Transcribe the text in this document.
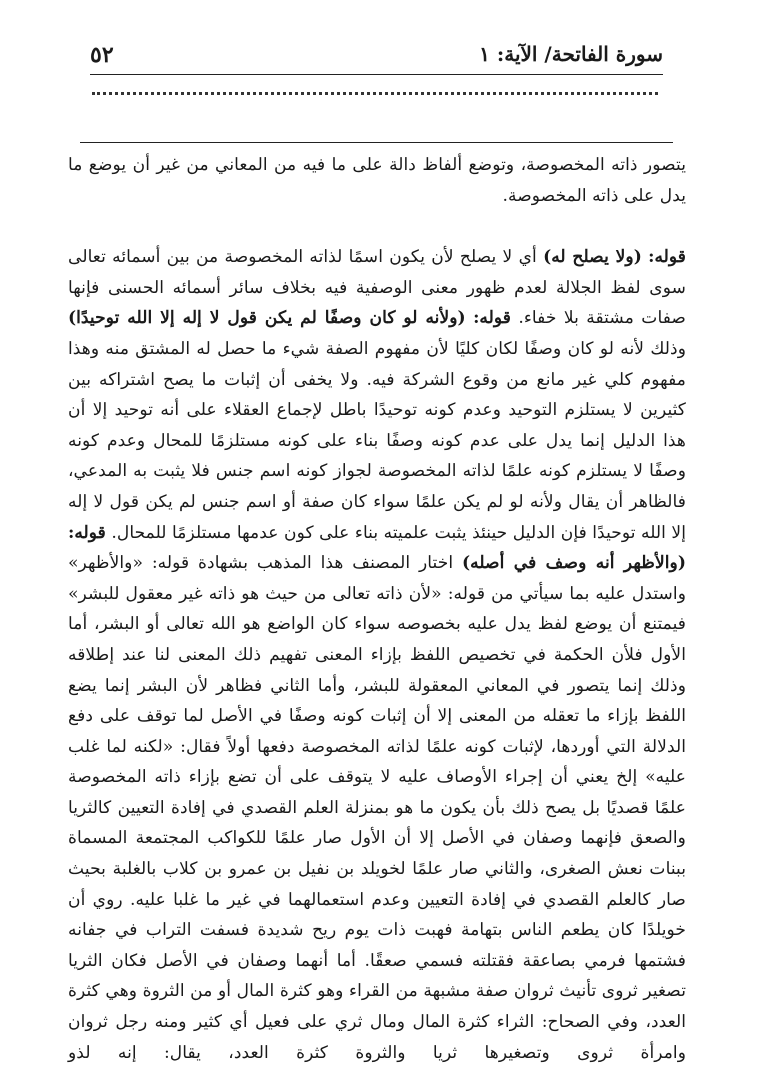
٥٢	سورة الفاتحة/ الآية: ١

يتصور ذاته المخصوصة، وتوضع ألفاظ دالة على ما فيه من المعاني من غير أن يوضع ما يدل على ذاته المخصوصة.

قوله: (ولا يصلح له) أي لا يصلح لأن يكون اسمًا لذاته المخصوصة من بين أسمائه تعالى سوى لفظ الجلالة لعدم ظهور معنى الوصفية فيه بخلاف سائر أسمائه الحسنى فإنها صفات مشتقة بلا خفاء. قوله: (ولأنه لو كان وصفًا لم يكن قول لا إله إلا الله توحيدًا) وذلك لأنه لو كان وصفًا لكان كليًا لأن مفهوم الصفة شيء ما حصل له المشتق منه وهذا مفهوم كلي غير مانع من وقوع الشركة فيه. ولا يخفى أن إثبات ما يصح اشتراكه بين كثيرين لا يستلزم التوحيد وعدم كونه توحيدًا باطل لإجماع العقلاء على أنه توحيد إلا أن هذا الدليل إنما يدل على عدم كونه وصفًا بناء على كونه مستلزمًا للمحال وعدم كونه وصفًا لا يستلزم كونه علمًا لذاته المخصوصة لجواز كونه اسم جنس فلا يثبت به المدعي، فالظاهر أن يقال ولأنه لو لم يكن علمًا سواء كان صفة أو اسم جنس لم يكن قول لا إله إلا الله توحيدًا فإن الدليل حينئذ يثبت علميته بناء على كون عدمها مستلزمًا للمحال. قوله: (والأظهر أنه وصف في أصله) اختار المصنف هذا المذهب بشهادة قوله: «والأظهر» واستدل عليه بما سيأتي من قوله: «لأن ذاته تعالى من حيث هو ذاته غير معقول للبشر» فيمتنع أن يوضع لفظ يدل عليه بخصوصه سواء كان الواضع هو الله تعالى أو البشر، أما الأول فلأن الحكمة في تخصيص اللفظ بإزاء المعنى تفهيم ذلك المعنى لنا عند إطلاقه وذلك إنما يتصور في المعاني المعقولة للبشر، وأما الثاني فظاهر لأن البشر إنما يضع اللفظ بإزاء ما تعقله من المعنى إلا أن إثبات كونه وصفًا في الأصل لما توقف على دفع الدلالة التي أوردها، لإثبات كونه علمًا لذاته المخصوصة دفعها أولاً فقال: «لكنه لما غلب عليه» إلخ يعني أن إجراء الأوصاف عليه لا يتوقف على أن تضع بإزاء ذاته المخصوصة علمًا قصديًا بل يصح ذلك بأن يكون ما هو بمنزلة العلم القصدي في إفادة التعيين كالثريا والصعق فإنهما وصفان في الأصل إلا أن الأول صار علمًا للكواكب المجتمعة المسماة ببنات نعش الصغرى، والثاني صار علمًا لخويلد بن نفيل بن عمرو بن كلاب بالغلبة بحيث صار كالعلم القصدي في إفادة التعيين وعدم استعمالهما في غير ما غلبا عليه. روي أن خويلدًا كان يطعم الناس بتهامة فهبت ذات يوم ريح شديدة فسفت التراب في جفانه فشتمها فرمي بصاعقة فقتلته فسمي صعقًا. أما أنهما وصفان في الأصل فكان الثريا تصغير ثروى تأنيث ثروان صفة مشبهة من القراء وهو كثرة المال أو من الثروة وهي كثرة العدد، وفي الصحاح: الثراء كثرة المال ومال ثري على فعيل أي كثير ومنه رجل ثروان وامرأة ثروى وتصغيرها ثريا والثروة كثرة العدد، يقال: إنه لذو
